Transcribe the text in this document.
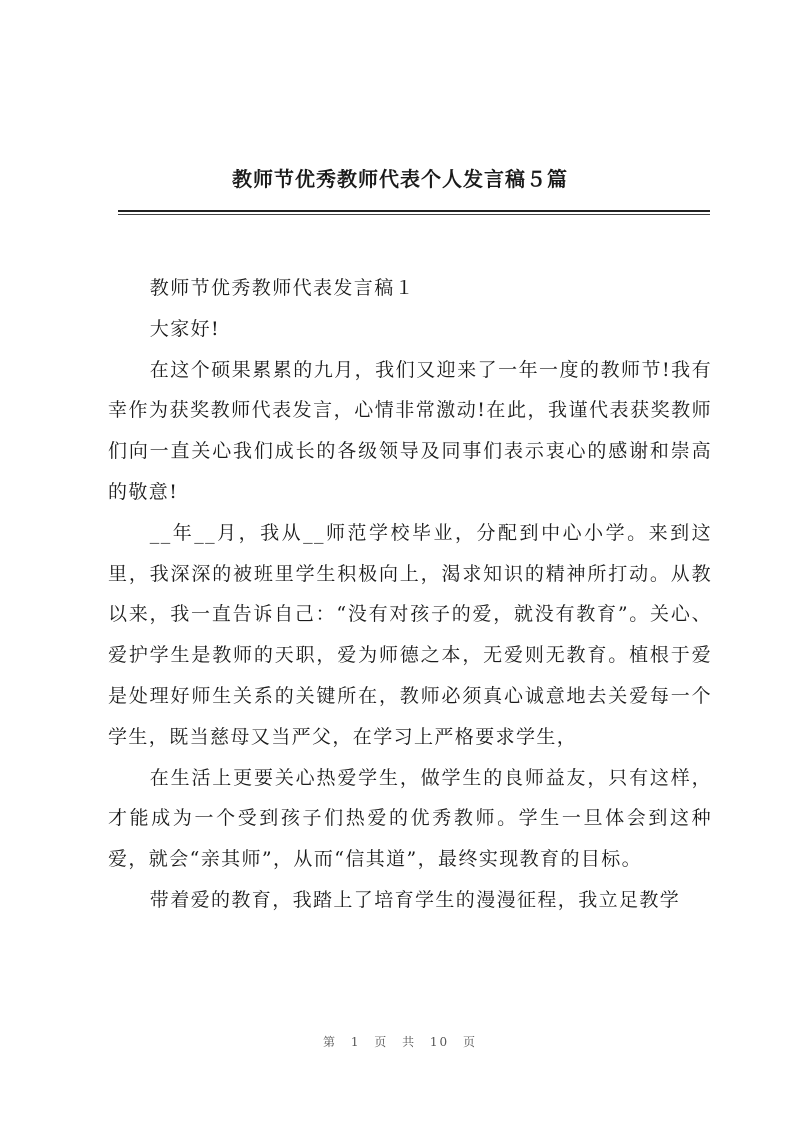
教师节优秀教师代表个人发言稿５篇

教师节优秀教师代表发言稿１

大家好!

在这个硕果累累的九月，我们又迎来了一年一度的教师节!我有幸作为获奖教师代表发言，心情非常激动!在此，我谨代表获奖教师们向一直关心我们成长的各级领导及同事们表示衷心的感谢和崇高的敬意!

__年__月，我从__师范学校毕业，分配到中心小学。来到这里，我深深的被班里学生积极向上，渴求知识的精神所打动。从教以来，我一直告诉自己：“没有对孩子的爱，就没有教育”。关心、爱护学生是教师的天职，爱为师德之本，无爱则无教育。植根于爱是处理好师生关系的关键所在，教师必须真心诚意地去关爱每一个学生，既当慈母又当严父，在学习上严格要求学生，

在生活上更要关心热爱学生，做学生的良师益友，只有这样，才能成为一个受到孩子们热爱的优秀教师。学生一旦体会到这种爱，就会“亲其师”，从而“信其道”，最终实现教育的目标。

带着爱的教育，我踏上了培育学生的漫漫征程，我立足教学

第 1 页 共 10 页
